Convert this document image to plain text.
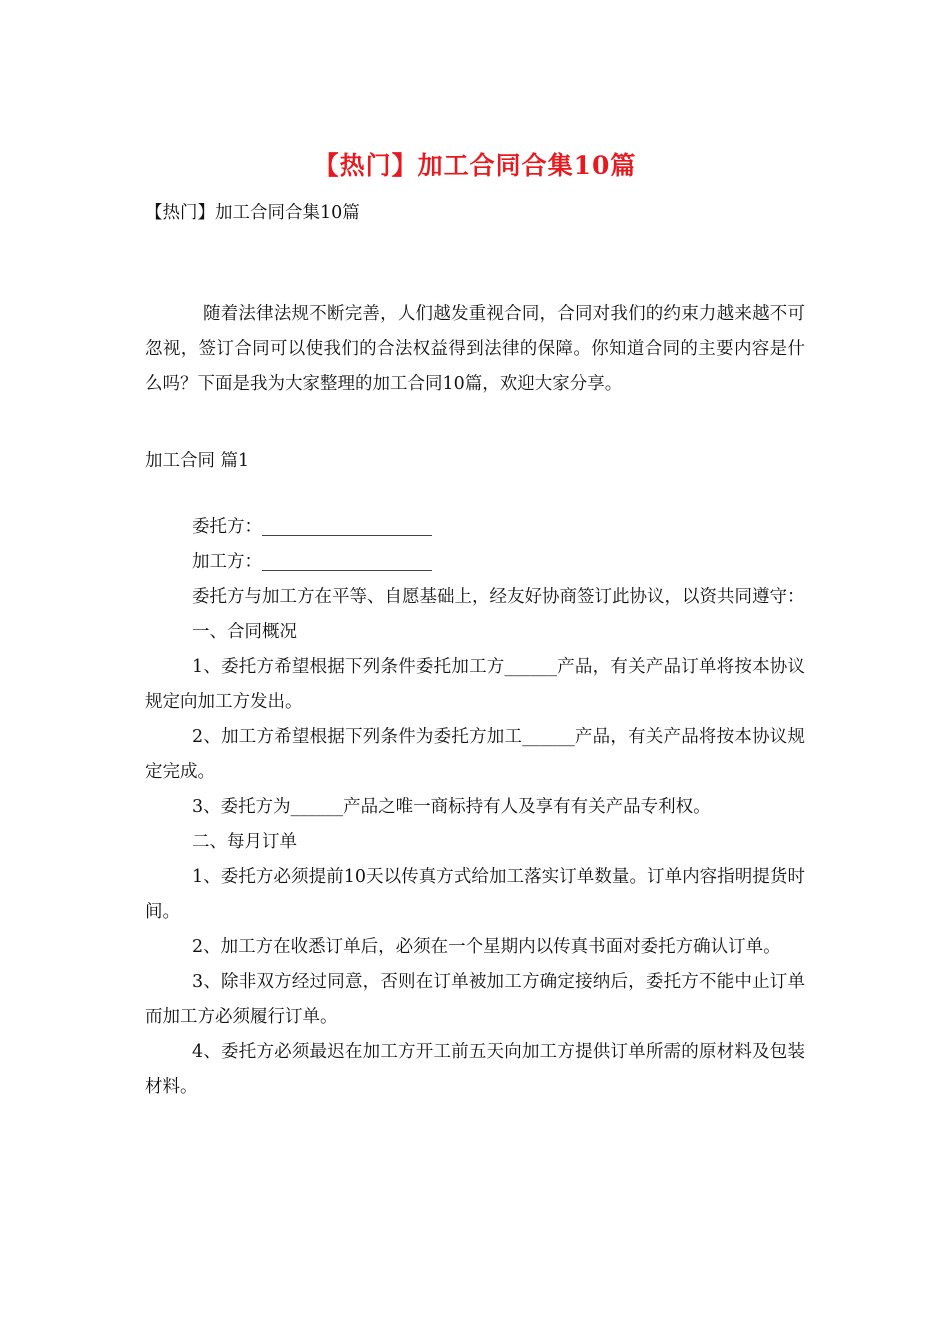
【热门】加工合同合集10篇
【热门】加工合同合集10篇

随着法律法规不断完善，人们越发重视合同，合同对我们的约束力越来越不可忽视，签订合同可以使我们的合法权益得到法律的保障。你知道合同的主要内容是什么吗？下面是我为大家整理的加工合同10篇，欢迎大家分享。

加工合同 篇1
委托方：
加工方：

委托方与加工方在平等、自愿基础上，经友好协商签订此协议，以资共同遵守：

一、合同概况

1、委托方希望根据下列条件委托加工方______产品，有关产品订单将按本协议规定向加工方发出。

2、加工方希望根据下列条件为委托方加工______产品，有关产品将按本协议规定完成。

3、委托方为______产品之唯一商标持有人及享有有关产品专利权。

二、每月订单

1、委托方必须提前10天以传真方式给加工落实订单数量。订单内容指明提货时间。

2、加工方在收悉订单后，必须在一个星期内以传真书面对委托方确认订单。

3、除非双方经过同意，否则在订单被加工方确定接纳后，委托方不能中止订单而加工方必须履行订单。

4、委托方必须最迟在加工方开工前五天向加工方提供订单所需的原材料及包装材料。
